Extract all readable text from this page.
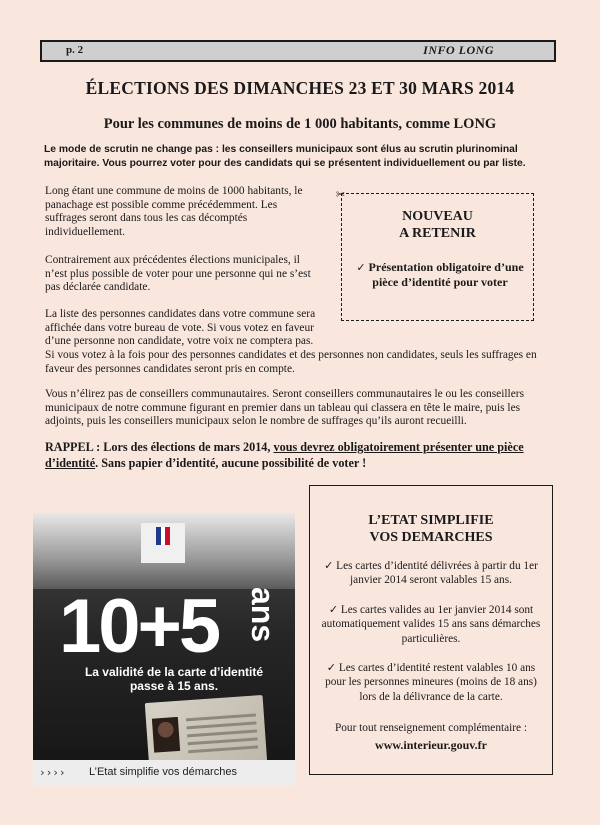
p. 2	INFO LONG
ÉLECTIONS DES DIMANCHES 23 ET 30 MARS 2014
Pour les communes de moins de 1 000 habitants, comme LONG

Le mode de scrutin ne change pas : les conseillers municipaux sont élus au scrutin plurinominal majoritaire. Vous pourrez voter pour des candidats qui se présentent individuellement ou par liste.

Long étant une commune de moins de 1000 habitants, le panachage est possible comme précédemment. Les suffrages seront dans tous les cas décomptés individuellement.

Contrairement aux précédentes élections municipales, il n’est plus possible de voter pour une personne qui ne s’est pas déclarée candidate.

La liste des personnes candidates dans votre commune sera affichée dans votre bureau de vote. Si vous votez en faveur d’une personne non candidate, votre voix ne comptera pas.
Si vous votez à la fois pour des personnes candidates et des personnes non candidates, seuls les suffrages en faveur des personnes candidates seront pris en compte.

Vous n’élirez pas de conseillers communautaires. Seront conseillers communautaires le ou les conseillers municipaux de notre commune figurant en premier dans un tableau qui classera en tête le maire, puis les adjoints, puis les conseillers municipaux selon le nombre de suffrages qu’ils auront recueilli.

RAPPEL : Lors des élections de mars 2014, vous devrez obligatoirement présenter une pièce d’identité. Sans papier d’identité, aucune possibilité de voter !

✂

NOUVEAU
A RETENIR

✓ Présentation obligatoire d’une pièce d’identité pour voter
10+5 ans
La validité de la carte d’identité
passe à 15 ans.
›››› L’Etat simplifie vos démarches

L’ETAT SIMPLIFIE
VOS DEMARCHES

✓ Les cartes d’identité délivrées à partir du 1er janvier 2014 seront valables 15 ans.

✓ Les cartes valides au 1er janvier 2014 sont automatiquement valides 15 ans sans démarches particulières.

✓ Les cartes d’identité restent valables 10 ans pour les personnes mineures (moins de 18 ans) lors de la délivrance de la carte.

Pour tout renseignement complémentaire :
www.interieur.gouv.fr
